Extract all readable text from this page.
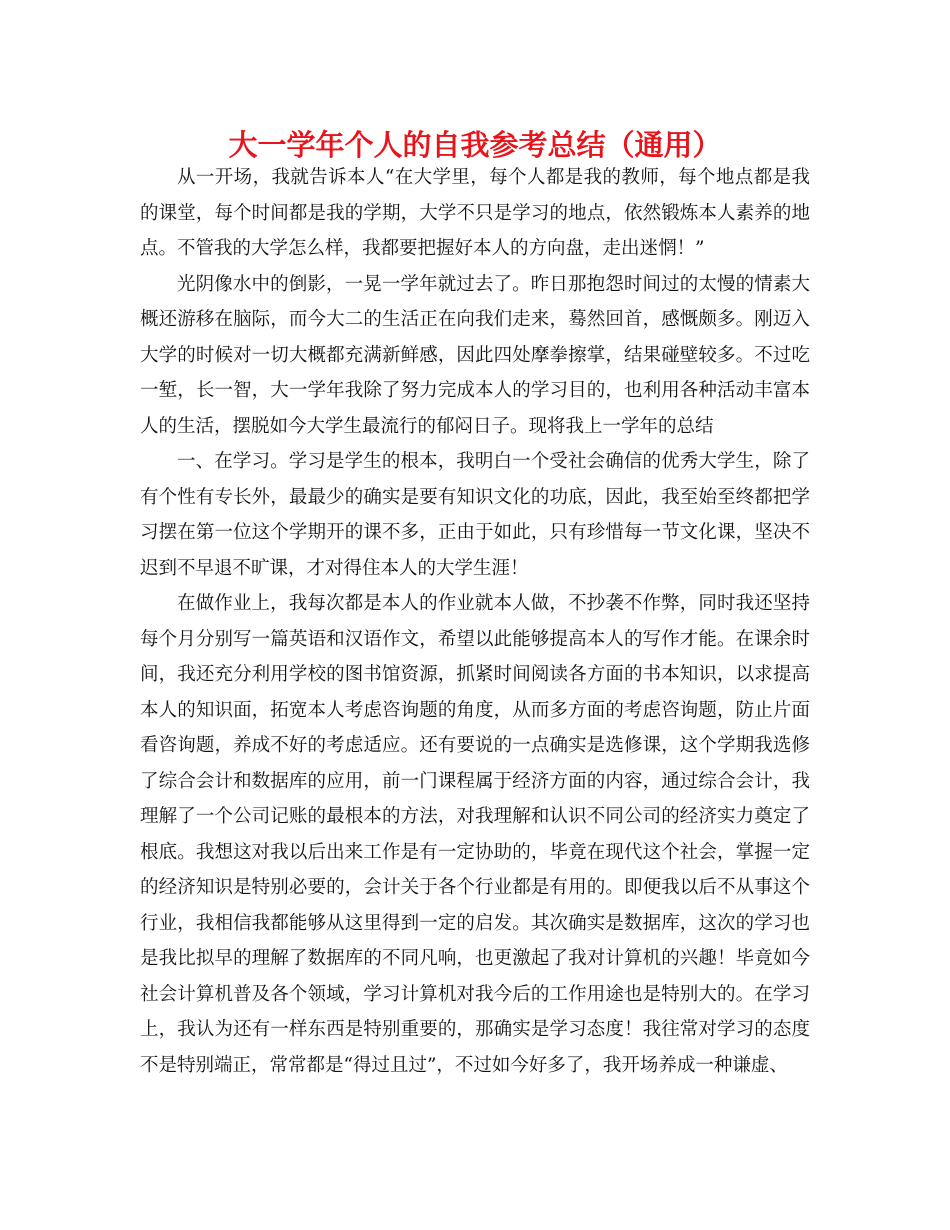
大一学年个人的自我参考总结（通用）

从一开场，我就告诉本人“在大学里，每个人都是我的教师，每个地点都是我的课堂，每个时间都是我的学期，大学不只是学习的地点，依然锻炼本人素养的地点。不管我的大学怎么样，我都要把握好本人的方向盘，走出迷惘！”

光阴像水中的倒影，一晃一学年就过去了。昨日那抱怨时间过的太慢的情素大概还游移在脑际，而今大二的生活正在向我们走来，蓦然回首，感慨颇多。刚迈入大学的时候对一切大概都充满新鲜感，因此四处摩拳擦掌，结果碰壁较多。不过吃一堑，长一智，大一学年我除了努力完成本人的学习目的，也利用各种活动丰富本人的生活，摆脱如今大学生最流行的郁闷日子。现将我上一学年的总结

一、在学习。学习是学生的根本，我明白一个受社会确信的优秀大学生，除了有个性有专长外，最最少的确实是要有知识文化的功底，因此，我至始至终都把学习摆在第一位这个学期开的课不多，正由于如此，只有珍惜每一节文化课，坚决不迟到不早退不旷课，才对得住本人的大学生涯！

在做作业上，我每次都是本人的作业就本人做，不抄袭不作弊，同时我还坚持每个月分别写一篇英语和汉语作文，希望以此能够提高本人的写作才能。在课余时间，我还充分利用学校的图书馆资源，抓紧时间阅读各方面的书本知识，以求提高本人的知识面，拓宽本人考虑咨询题的角度，从而多方面的考虑咨询题，防止片面看咨询题，养成不好的考虑适应。还有要说的一点确实是选修课，这个学期我选修了综合会计和数据库的应用，前一门课程属于经济方面的内容，通过综合会计，我理解了一个公司记账的最根本的方法，对我理解和认识不同公司的经济实力奠定了根底。我想这对我以后出来工作是有一定协助的，毕竟在现代这个社会，掌握一定的经济知识是特别必要的，会计关于各个行业都是有用的。即便我以后不从事这个行业，我相信我都能够从这里得到一定的启发。其次确实是数据库，这次的学习也是我比拟早的理解了数据库的不同凡响，也更激起了我对计算机的兴趣！毕竟如今社会计算机普及各个领域，学习计算机对我今后的工作用途也是特别大的。在学习上，我认为还有一样东西是特别重要的，那确实是学习态度！我往常对学习的态度不是特别端正，常常都是“得过且过”，不过如今好多了，我开场养成一种谦虚、
